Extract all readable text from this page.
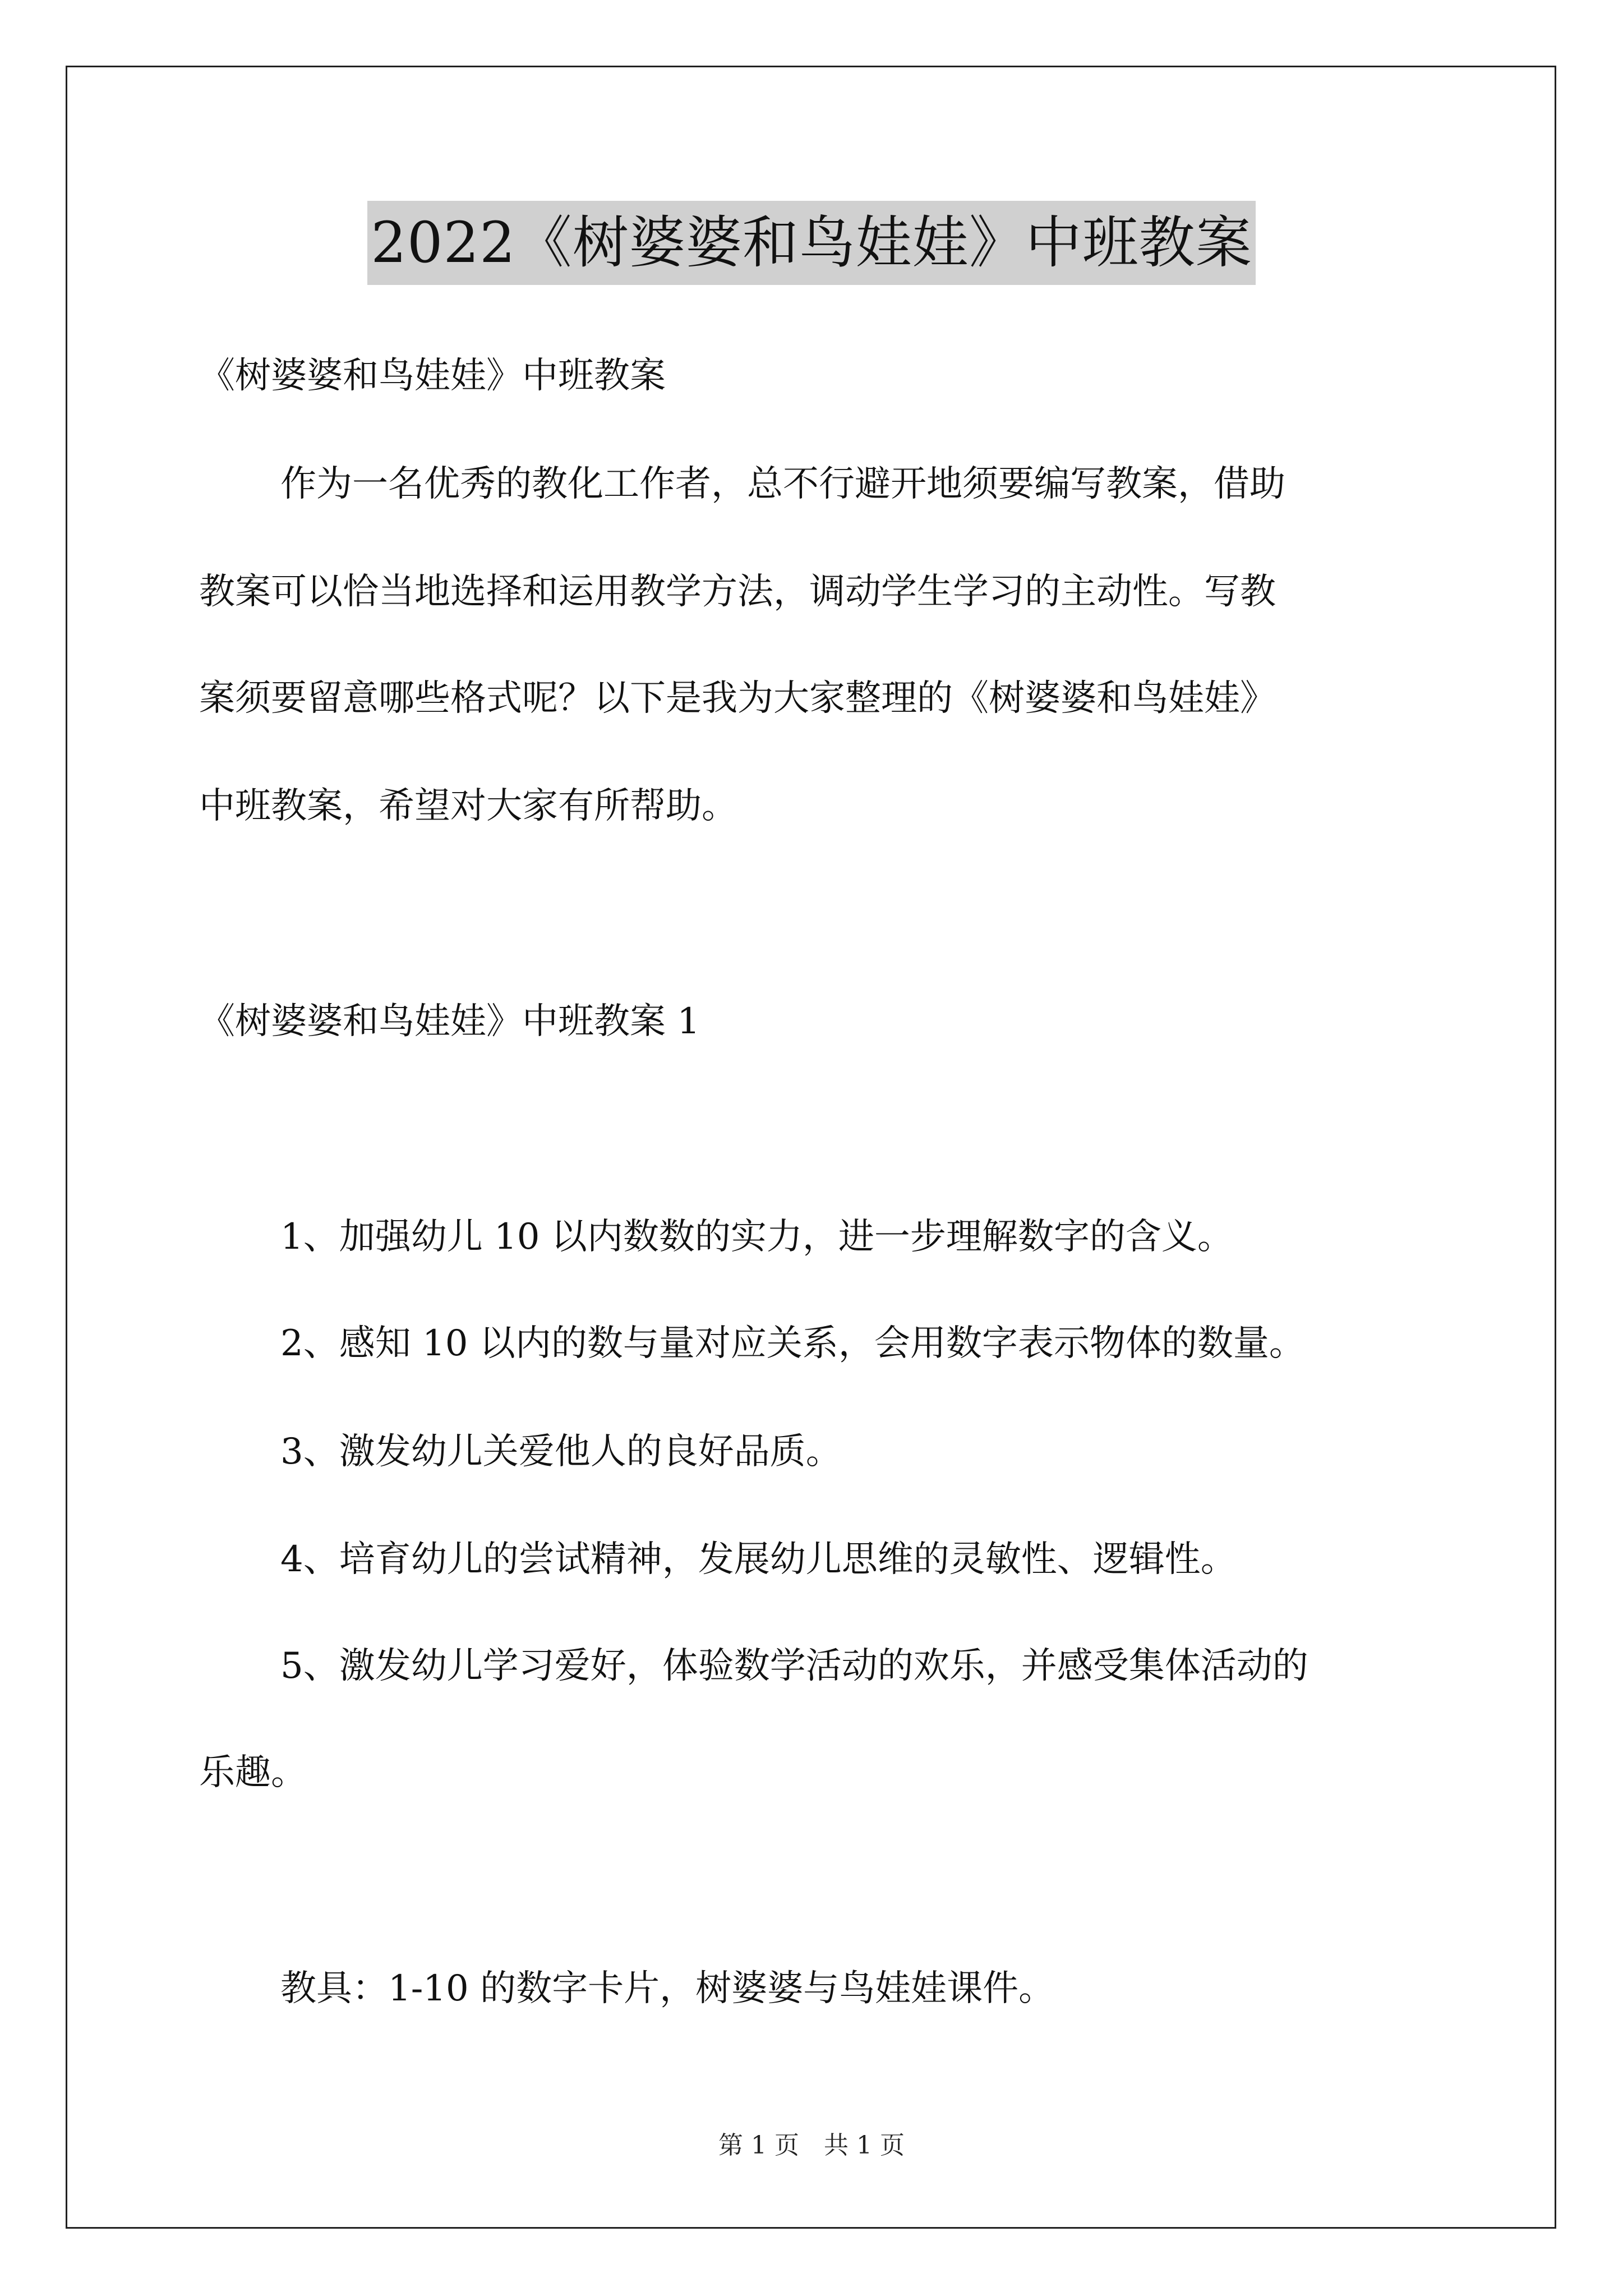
2022《树婆婆和鸟娃娃》中班教案
《树婆婆和鸟娃娃》中班教案
作为一名优秀的教化工作者，总不行避开地须要编写教案，借助
教案可以恰当地选择和运用教学方法，调动学生学习的主动性。写教
案须要留意哪些格式呢？以下是我为大家整理的《树婆婆和鸟娃娃》
中班教案，希望对大家有所帮助。
《树婆婆和鸟娃娃》中班教案 1
1、加强幼儿 10 以内数数的实力，进一步理解数字的含义。
2、感知 10 以内的数与量对应关系，会用数字表示物体的数量。
3、激发幼儿关爱他人的良好品质。
4、培育幼儿的尝试精神，发展幼儿思维的灵敏性、逻辑性。
5、激发幼儿学习爱好，体验数学活动的欢乐，并感受集体活动的
乐趣。
教具：1-10 的数字卡片，树婆婆与鸟娃娃课件。
第 1 页　共 1 页
